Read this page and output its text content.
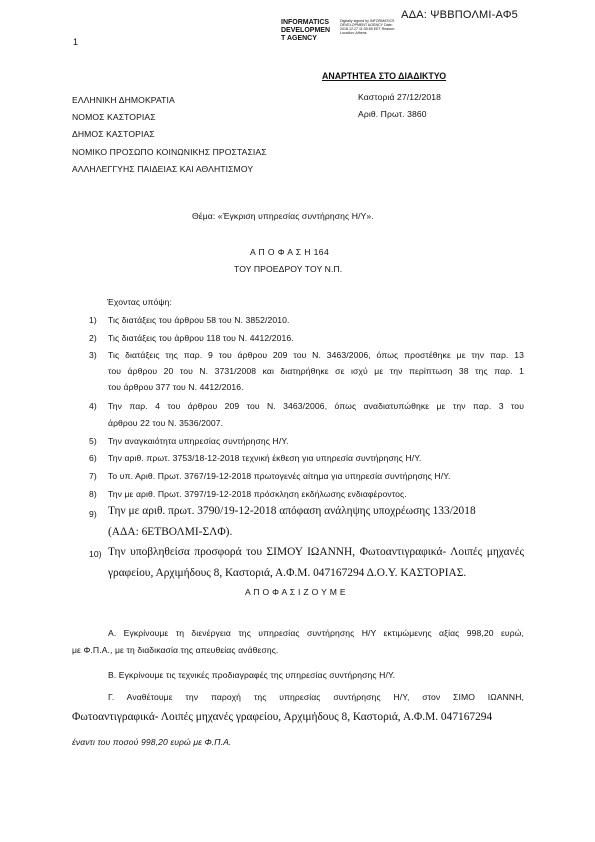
ΑΔΑ: ΨΒΒΠΟΛΜΙ-ΑΦ5
1
INFORMATICS
DEVELOPMEN
T AGENCY
Digitally signed by INFORMATICS DEVELOPMENT AGENCY Date: 2018.12.27 11:35:55 EET Reason: Location: Athens
ΑΝΑΡΤΗΤΕΑ ΣΤΟ ΔΙΑΔΙΚΤΥΟ
ΕΛΛΗΝΙΚΗ ΔΗΜΟΚΡΑΤΙΑ
ΝΟΜΟΣ ΚΑΣΤΟΡΙΑΣ
ΔΗΜΟΣ ΚΑΣΤΟΡΙΑΣ
ΝΟΜΙΚΟ ΠΡΟΣΩΠΟ ΚΟΙΝΩΝΙΚΗΣ ΠΡΟΣΤΑΣΙΑΣ
ΑΛΛΗΛΕΓΓΥΗΣ ΠΑΙΔΕΙΑΣ ΚΑΙ ΑΘΛΗΤΙΣΜΟΥ
Καστοριά 27/12/2018
Αριθ. Πρωτ. 3860
Θέμα: «Έγκριση υπηρεσίας συντήρησης Η/Υ».
Α Π Ο Φ Α Σ Η 164
ΤΟΥ ΠΡΟΕΔΡΟΥ ΤΟΥ Ν.Π.
Έχοντας υπόψη:
1)	Τις διατάξεις του άρθρου 58 του Ν. 3852/2010.
2)	Τις διατάξεις του άρθρου 118 του Ν. 4412/2016.
3)	Τις διατάξεις της παρ. 9 του άρθρου 209 του Ν. 3463/2006, όπως προστέθηκε με την παρ. 13
του άρθρου 20 του Ν. 3731/2008 και διατηρήθηκε σε ισχύ με την περίπτωση 38 της παρ. 1
του άρθρου 377 του Ν. 4412/2016.
4)	Την παρ. 4 του άρθρου 209 του Ν. 3463/2006, όπως αναδιατυπώθηκε με την παρ. 3 του
άρθρου 22 του Ν. 3536/2007.
5)	Την αναγκαιότητα υπηρεσίας συντήρησης Η/Υ.
6)	Την αριθ. πρωτ. 3753/18-12-2018 τεχνική έκθεση για υπηρεσία συντήρησης Η/Υ.
7)	Το υπ. Αριθ. Πρωτ. 3767/19-12-2018 πρωτογενές αίτημα για υπηρεσία συντήρησης Η/Υ.
8)	Την με αριθ. Πρωτ. 3797/19-12-2018 πρόσκληση εκδήλωσης ενδιαφέροντος.
9) Την με αριθ. πρωτ. 3790/19-12-2018 απόφαση ανάληψης υποχρέωσης 133/2018
(ΑΔΑ: 6ΕΤΒΟΛΜΙ-ΣΛΦ).
10) Την υποβληθείσα προσφορά του ΣΙΜΟΥ ΙΩΑΝΝΗ, Φωτοαντιγραφικά- Λοιπές μηχανές
γραφείου, Αρχιμήδους 8, Καστοριά, Α.Φ.Μ. 047167294 Δ.Ο.Υ. ΚΑΣΤΟΡΙΑΣ.
Α Π Ο Φ Α Σ Ι Ζ Ο Υ Μ Ε
Α. Εγκρίνουμε τη διενέργεια της υπηρεσίας συντήρησης Η/Υ εκτιμώμενης αξίας 998,20 ευρώ,
με Φ.Π.Α., με τη διαδικασία της απευθείας ανάθεσης.
Β. Εγκρίνουμε τις τεχνικές προδιαγραφές της υπηρεσίας συντήρησης Η/Υ.
Γ. Αναθέτουμε την παροχή της υπηρεσίας συντήρησης Η/Υ, στον ΣΙΜΟ ΙΩΑΝΝΗ,
Φωτοαντιγραφικά- Λοιπές μηχανές γραφείου, Αρχιμήδους 8, Καστοριά, Α.Φ.Μ. 047167294
έναντι του ποσού 998,20 ευρώ με Φ.Π.Α.
